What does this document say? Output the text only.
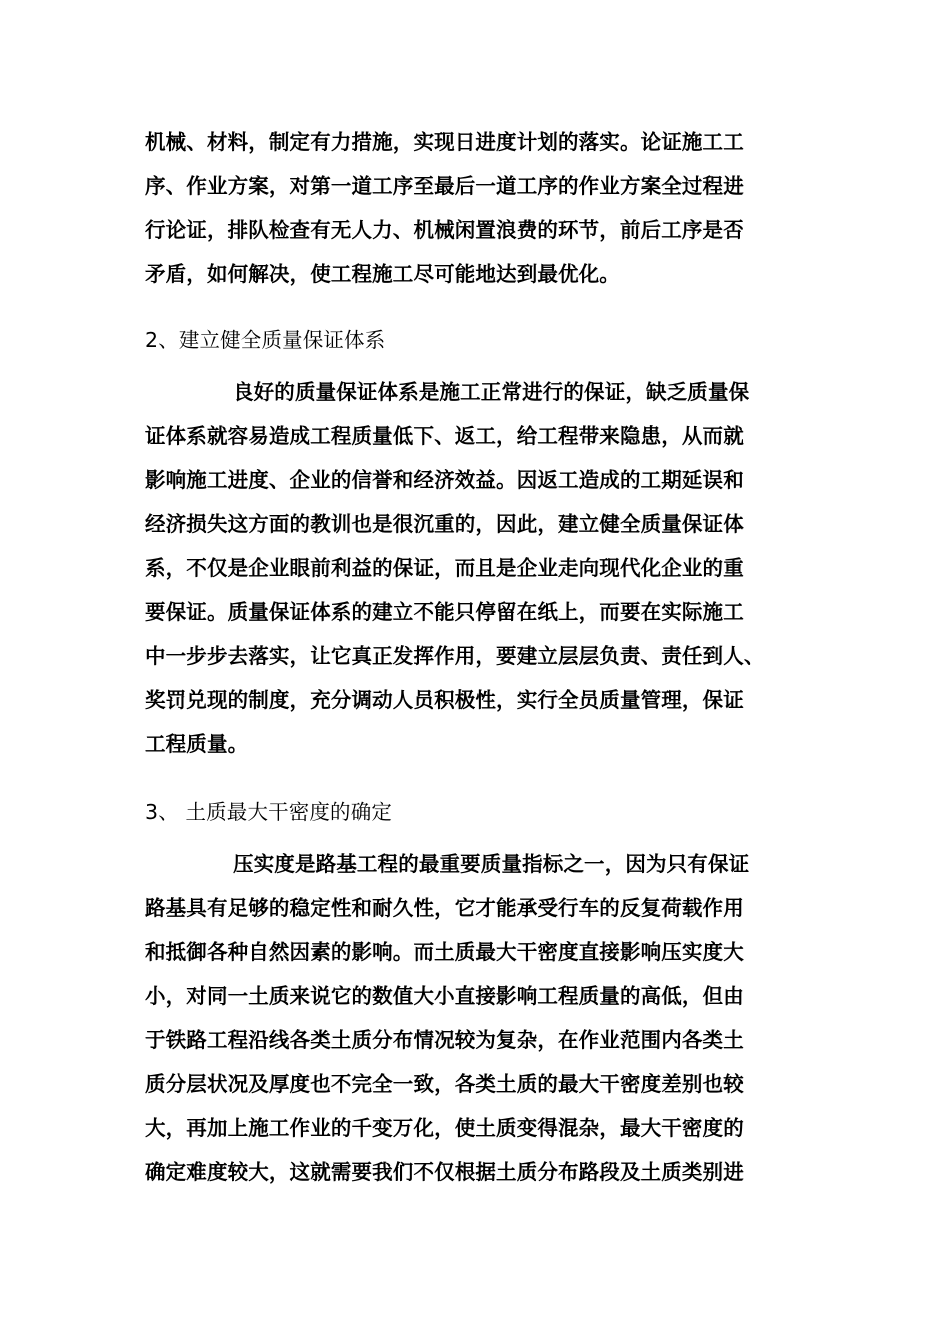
机械、材料，制定有力措施，实现日进度计划的落实。论证施工工
序、作业方案，对第一道工序至最后一道工序的作业方案全过程进
行论证，排队检查有无人力、机械闲置浪费的环节，前后工序是否
矛盾，如何解决，使工程施工尽可能地达到最优化。
2、建立健全质量保证体系
良好的质量保证体系是施工正常进行的保证，缺乏质量保
证体系就容易造成工程质量低下、返工，给工程带来隐患，从而就
影响施工进度、企业的信誉和经济效益。因返工造成的工期延误和
经济损失这方面的教训也是很沉重的，因此，建立健全质量保证体
系，不仅是企业眼前利益的保证，而且是企业走向现代化企业的重
要保证。质量保证体系的建立不能只停留在纸上，而要在实际施工
中一步步去落实，让它真正发挥作用，要建立层层负责、责任到人、
奖罚兑现的制度，充分调动人员积极性，实行全员质量管理，保证
工程质量。
3、 土质最大干密度的确定
压实度是路基工程的最重要质量指标之一，因为只有保证
路基具有足够的稳定性和耐久性，它才能承受行车的反复荷载作用
和抵御各种自然因素的影响。而土质最大干密度直接影响压实度大
小，对同一土质来说它的数值大小直接影响工程质量的高低，但由
于铁路工程沿线各类土质分布情况较为复杂，在作业范围内各类土
质分层状况及厚度也不完全一致，各类土质的最大干密度差别也较
大，再加上施工作业的千变万化，使土质变得混杂，最大干密度的
确定难度较大，这就需要我们不仅根据土质分布路段及土质类别进
